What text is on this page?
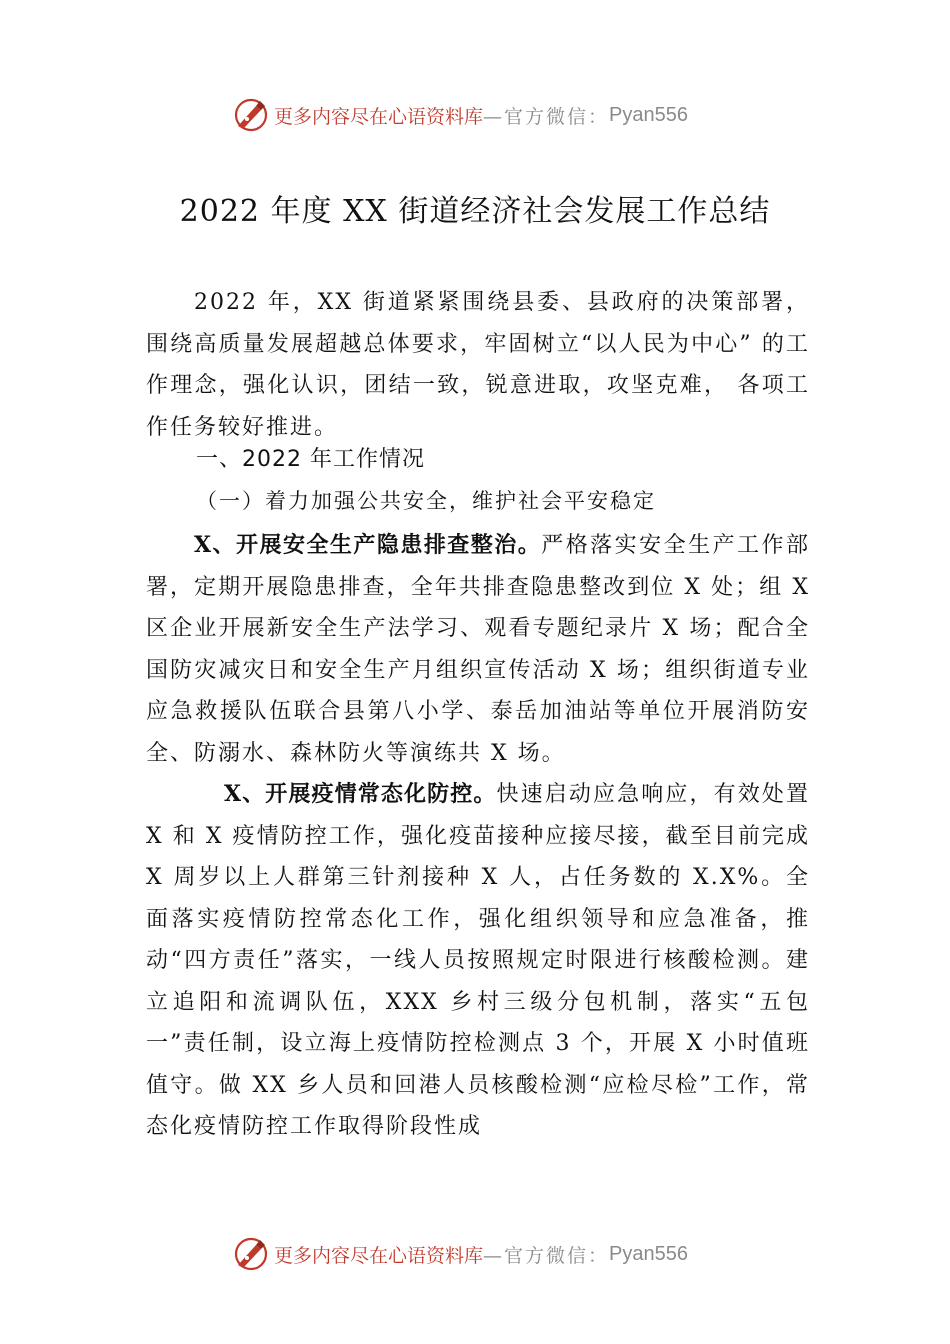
更多内容尽在心语资料库 —官方微信： Pyan556
2022 年度 XX 街道经济社会发展工作总结
2022 年，XX 街道紧紧围绕县委、县政府的决策部署，围绕高质量发展超越总体要求，牢固树立“以人民为中心” 的工作理念，强化认识，团结一致，锐意进取，攻坚克难， 各项工作任务较好推进。
一、2022 年工作情况
（一）着力加强公共安全，维护社会平安稳定
X、开展安全生产隐患排查整治。严格落实安全生产工作部署，定期开展隐患排查，全年共排查隐患整改到位 X 处；组 X 区企业开展新安全生产法学习、观看专题纪录片 X 场；配合全国防灾减灾日和安全生产月组织宣传活动 X 场；组织街道专业应急救援队伍联合县第八小学、泰岳加油站等单位开展消防安全、防溺水、森林防火等演练共 X 场。
X、开展疫情常态化防控。快速启动应急响应，有效处置 X 和 X 疫情防控工作，强化疫苗接种应接尽接，截至目前完成 X 周岁以上人群第三针剂接种 X 人，占任务数的 X.X%。全面落实疫情防控常态化工作，强化组织领导和应急准备，推动“四方责任”落实，一线人员按照规定时限进行核酸检测。建立追阳和流调队伍，XXX 乡村三级分包机制，落实“五包一”责任制，设立海上疫情防控检测点 3 个，开展 X 小时值班值守。做 XX 乡人员和回港人员核酸检测“应检尽检”工作，常态化疫情防控工作取得阶段性成
更多内容尽在心语资料库 —官方微信： Pyan556
